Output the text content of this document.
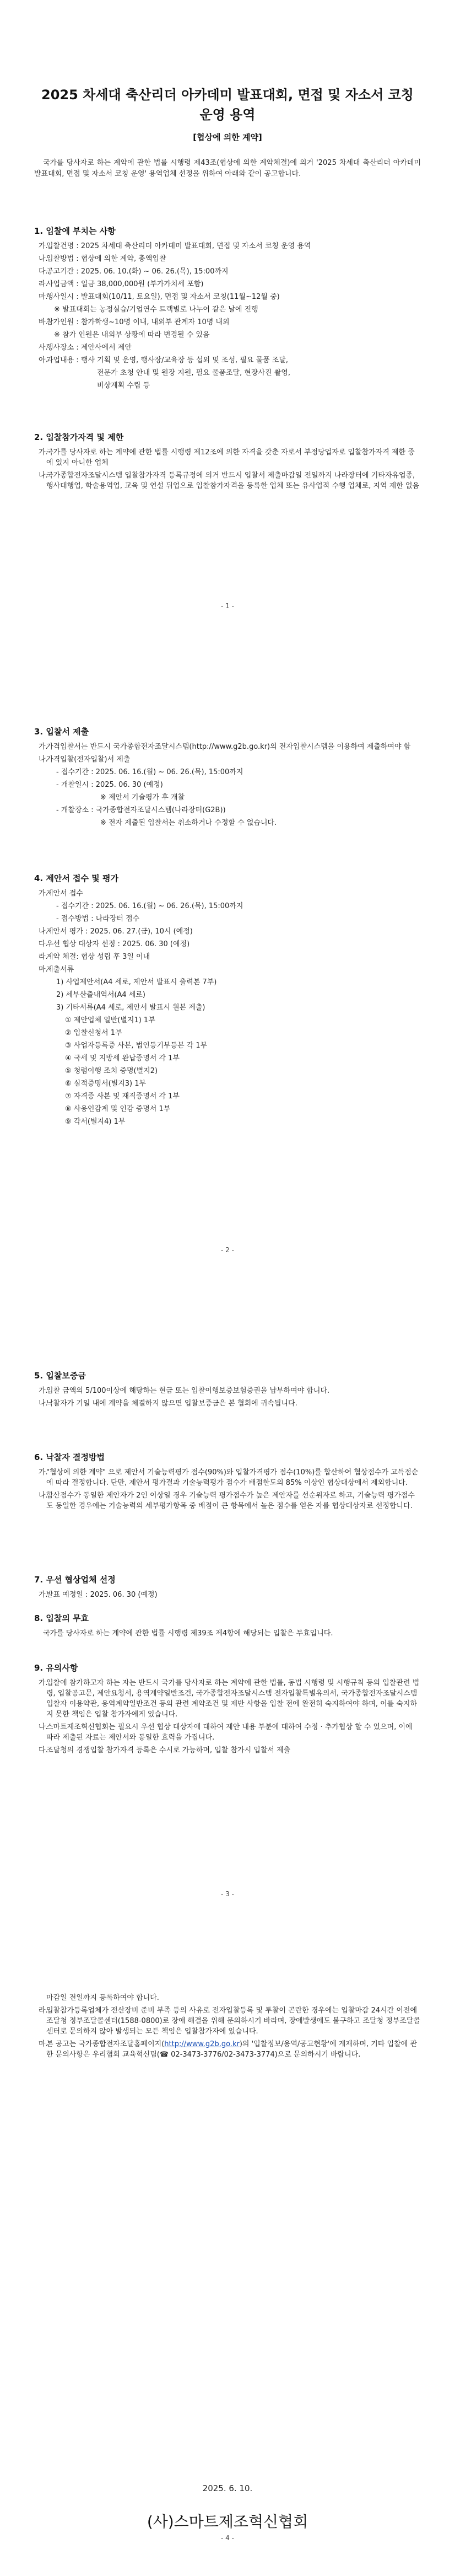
2025 차세대 축산리더 아카데미 발표대회, 면접 및 자소서 코칭 운영 용역
[협상에 의한 계약]

국가를 당사자로 하는 계약에 관한 법률 시행령 제43조(협상에 의한 계약체결)에 의거 '2025 차세대 축산리더 아카데미 발표대회, 면접 및 자소서 코칭 운영' 용역업체 선정을 위하여 아래와 같이 공고합니다.

1. 입찰에 부치는 사항

가.
입찰건명 : 2025 차세대 축산리더 아카데미 발표대회, 면접 및 자소서 코칭 운영 용역

나.
입찰방법 : 협상에 의한 계약, 총액입찰

다.
공고기간 : 2025. 06. 10.(화) ~ 06. 26.(목), 15:00까지

라.
사업금액 : 일금 38,000,000원 (부가가치세 포함)

마.
행사일시 : 발표대회(10/11, 토요일), 면접 및 자소서 코칭(11월~12월 중)

※ 발표대회는 농정실습/기업연수 트랙별로 나누어 같은 날에 진행

바.
참가인원 : 참가학생~10명 이내, 내외부 관계자 10명 내외

※ 참가 인원은 내외부 상황에 따라 변경될 수 있음

사.
행사장소 : 제안사에서 제안

아.
과업내용 : 행사 기획 및 운영, 행사장/교육장 등 섭외 및 조성, 필요 물품 조달,

전문가 초청 안내 및 원장 지원, 필요 물품조달, 현장사진 촬영,

비상계획 수립 등

2. 입찰참가자격 및 제한

가.
국가를 당사자로 하는 계약에 관한 법률 시행령 제12조에 의한 자격을 갖춘 자로서 부정당업자로 입찰참가자격 제한 중에 있지 아니한 업체

나.
국가종합전자조달시스템 입찰참가자격 등록규정에 의거 반드시 입찰서 제출마감일 전일까지 나라장터에 기타자유업종, 행사대행업, 학술용역업, 교육 및 연설 뒤업으로 입찰참가자격을 등록한 업체 또는 유사업적 수행 업체로, 지역 제한 없음

- 1 -

3. 입찰서 제출

가.
가격입찰서는 반드시 국가종합전자조달시스템(http://www.g2b.go.kr)의 전자입찰시스템을 이용하여 제출하여야 함

나.
가격입찰(전자입찰)서 제출

- 접수기간 : 2025. 06. 16.(월) ~ 06. 26.(목), 15:00까지

- 개찰일시 : 2025. 06. 30 (예정)

※ 제안서 기술평가 후 개찰

- 개찰장소 : 국가종합전자조달시스템(나라장터(G2B))

※ 전자 제출된 입찰서는 취소하거나 수정할 수 없습니다.

4. 제안서 접수 및 평가

가.
제안서 접수

- 접수기간 : 2025. 06. 16.(월) ~ 06. 26.(목), 15:00까지

- 접수방법 : 나라장터 접수

나.
제안서 평가 : 2025. 06. 27.(금), 10시 (예정)

다.
우선 협상 대상자 선정 : 2025. 06. 30 (예정)

라.
계약 체결: 협상 성립 후 3일 이내

마.
제출서류

1) 사업제안서(A4 세로, 제안서 발표시 출력본 7부)

2) 세부산출내역서(A4 세로)

3) 기타서류(A4 세로, 제안서 발표시 원본 제출)

① 제안업체 일반(별지1) 1부

② 입찰신청서 1부

③ 사업자등록증 사본, 법인등기부등본 각 1부

④ 국세 및 지방세 완납증명서 각 1부

⑤ 청렴이행 조치 증명(별지2)

⑥ 실적증명서(별지3) 1부

⑦ 자격증 사본 및 재직증명서 각 1부

⑧ 사용인감계 및 인감 증명서 1부

⑨ 각서(별지4) 1부

- 2 -

5. 입찰보증금

가.
입찰 금액의 5/100이상에 해당하는 현금 또는 입찰이행보증보험증권을 납부하여야 합니다.

나.
낙찰자가 기일 내에 계약을 체결하지 않으면 입찰보증금은 본 협회에 귀속됩니다.

6. 낙찰자 결정방법

가.
"협상에 의한 계약" 으로 제안서 기술능력평가 점수(90%)와 입찰가격평가 점수(10%)를 합산하여 협상점수가 고득점순에 따라 결정합니다. 단만, 제안서 평가결과 기술능력평가 점수가 배점한도의 85% 이상인 협상대상에서 제외합니다.

나.
합산점수가 동일한 제안자가 2인 이상일 경우 기술능력 평가점수가 높은 제안자를 선순위자로 하고, 기술능력 평가점수도 동일한 경우에는 기술능력의 세부평가항목 중 배점이 큰 항목에서 높은 점수를 얻은 자를 협상대상자로 선정합니다.

7. 우선 협상업체 선정

가.
발표 예정일 : 2025. 06. 30 (예정)

8. 입찰의 무효

국가를 당사자로 하는 계약에 관한 법률 시행령 제39조 제4항에 해당되는 입찰은 무효입니다.

9. 유의사항

가.
입찰에 참가하고자 하는 자는 반드시 국가를 당사자로 하는 계약에 관한 법률, 동법 시행령 및 시행규칙 등의 입찰관련 법령, 입찰공고문, 제안요청서, 용역계약일반조건, 국가종합전자조달시스템 전자입찰특별유의서, 국가종합전자조달시스템 입찰자 이용약관, 용역계약일반조건 등의 관련 계약조건 및 제반 사항을 입찰 전에 완전히 숙지하여야 하며, 이를 숙지하지 못한 책임은 입찰 참가자에게 있습니다.

나.
스마트제조혁신협회는 필요시 우선 협상 대상자에 대하여 제안 내용 부분에 대하여 수정 · 추가협상 할 수 있으며, 이에 따라 제출된 자료는 제안서와 동일한 효력을 가집니다.

다.
조달청의 경쟁입찰 참가자격 등록은 수시로 가능하며, 입찰 참가시 입찰서 제출

- 3 -

마감일 전일까지 등록하여야 합니다.

라.
입찰참가등록업체가 전산장비 준비 부족 등의 사유로 전자입찰등록 및 투찰이 곤란한 경우에는 입찰마감 24시간 이전에 조달청 정부조달콜센터(1588-0800)로 장애 해결을 위해 문의하시기 바라며, 장애발생에도 불구하고 조달청 정부조달콜센터로 문의하지 않아 발생되는 모든 책임은 입찰참가자에 있습니다.

마.
본 공고는 국가종합전자조달홈페이지(http://www.g2b.go.kr)의 '입찰정보/용역/공고현황'에 게재하며, 기타 입찰에 관한 문의사항은 우리협회 교육혁신팀(☎ 02-3473-3776/02-3473-3774)으로 문의하시기 바랍니다.

2025. 6. 10.
(사)스마트제조혁신협회
- 4 -
